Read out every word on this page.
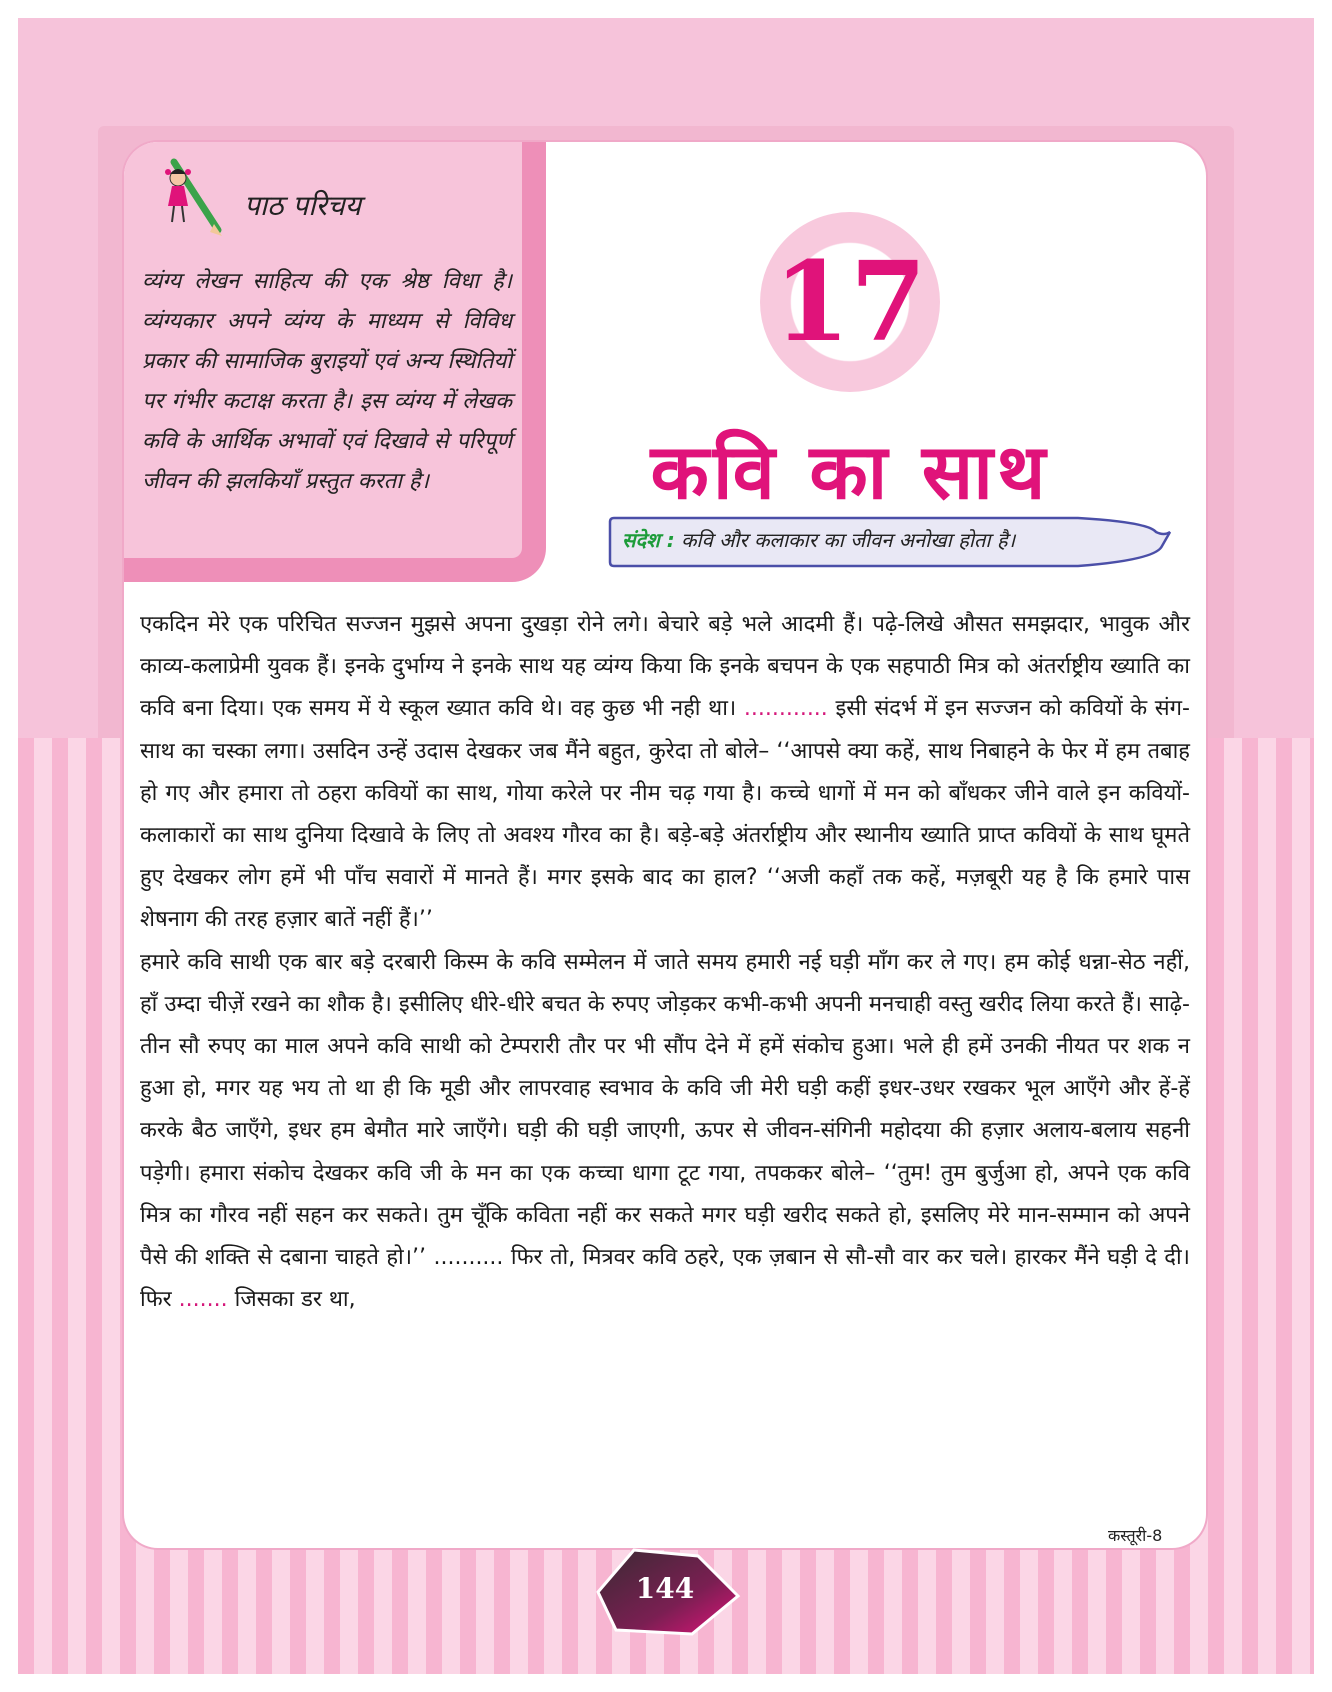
पाठ परिचय
व्यंग्य लेखन साहित्य की एक श्रेष्ठ विधा है। व्यंग्यकार अपने व्यंग्य के माध्यम से विविध प्रकार की सामाजिक बुराइयों एवं अन्य स्थितियों पर गंभीर कटाक्ष करता है। इस व्यंग्य में लेखक कवि के आर्थिक अभावों एवं दिखावे से परिपूर्ण जीवन की झलकियाँ प्रस्तुत करता है।
17
कवि का साथ
संदेश : कवि और कलाकार का जीवन अनोखा होता है।

एकदिन मेरे एक परिचित सज्जन मुझसे अपना दुखड़ा रोने लगे। बेचारे बड़े भले आदमी हैं। पढ़े-लिखे औसत समझदार, भावुक और काव्य-कलाप्रेमी युवक हैं। इनके दुर्भाग्य ने इनके साथ यह व्यंग्य किया कि इनके बचपन के एक सहपाठी मित्र को अंतर्राष्ट्रीय ख्याति का कवि बना दिया। एक समय में ये स्कूल ख्यात कवि थे। वह कुछ भी नही था। ............ इसी संदर्भ में इन सज्जन को कवियों के संग-साथ का चस्का लगा। उसदिन उन्हें उदास देखकर जब मैंने बहुत, कुरेदा तो बोले– ‘‘आपसे क्या कहें, साथ निबाहने के फेर में हम तबाह हो गए और हमारा तो ठहरा कवियों का साथ, गोया करेले पर नीम चढ़ गया है। कच्चे धागों में मन को बाँधकर जीने वाले इन कवियों-कलाकारों का साथ दुनिया दिखावे के लिए तो अवश्य गौरव का है। बड़े-बड़े अंतर्राष्ट्रीय और स्थानीय ख्याति प्राप्त कवियों के साथ घूमते हुए देखकर लोग हमें भी पाँच सवारों में मानते हैं। मगर इसके बाद का हाल? ‘‘अजी कहाँ तक कहें, मज़बूरी यह है कि हमारे पास शेषनाग की तरह हज़ार बातें नहीं हैं।’’

हमारे कवि साथी एक बार बड़े दरबारी किस्म के कवि सम्मेलन में जाते समय हमारी नई घड़ी माँग कर ले गए। हम कोई धन्ना-सेठ नहीं, हाँ उम्दा चीज़ें रखने का शौक है। इसीलिए धीरे-धीरे बचत के रुपए जोड़कर कभी-कभी अपनी मनचाही वस्तु खरीद लिया करते हैं। साढ़े-तीन सौ रुपए का माल अपने कवि साथी को टेम्परारी तौर पर भी सौंप देने में हमें संकोच हुआ। भले ही हमें उनकी नीयत पर शक न हुआ हो, मगर यह भय तो था ही कि मूडी और लापरवाह स्वभाव के कवि जी मेरी घड़ी कहीं इधर-उधर रखकर भूल आएँगे और हें-हें करके बैठ जाएँगे, इधर हम बेमौत मारे जाएँगे। घड़ी की घड़ी जाएगी, ऊपर से जीवन-संगिनी महोदया की हज़ार अलाय-बलाय सहनी पड़ेगी। हमारा संकोच देखकर कवि जी के मन का एक कच्चा धागा टूट गया, तपककर बोले– ‘‘तुम! तुम बुर्जुआ हो, अपने एक कवि मित्र का गौरव नहीं सहन कर सकते। तुम चूँकि कविता नहीं कर सकते मगर घड़ी खरीद सकते हो, इसलिए मेरे मान-सम्मान को अपने पैसे की शक्ति से दबाना चाहते हो।’’ .......... फिर तो, मित्रवर कवि ठहरे, एक ज़बान से सौ-सौ वार कर चले। हारकर मैंने घड़ी दे दी। फिर ....... जिसका डर था,

कस्तूरी-8
144
